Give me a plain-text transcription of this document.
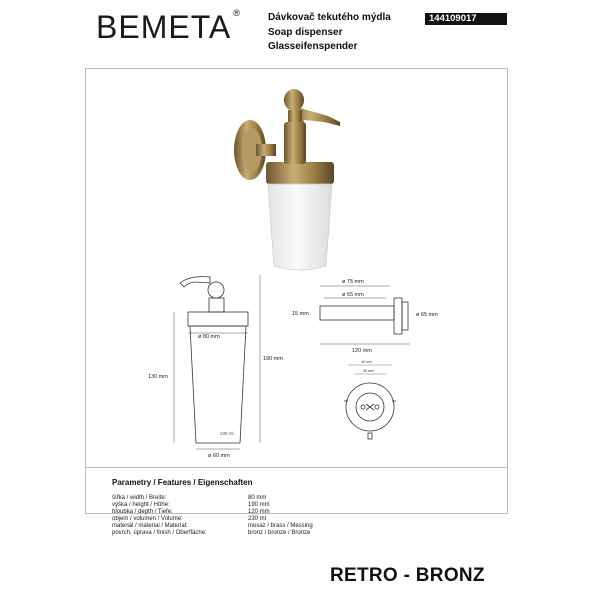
BEMETA ®	Dávkovač tekutého mýdla
Soap dispenser
Glasseifenspender
144109017
ø 80 mm
190 mm
130 mm
230 ml
ø 60 mm
ø 75 mm
ø 65 mm
15 mm	ø 65 mm
120 mm
40 mm
35 mm
Parametry / Features / Eigenschaften
šířka / width / Breite:	80 mm
výška / height / Höhe:	190 mm
hloubka / depth / Tiefe:	120 mm
objem / volumen / Volume:	230 ml
materiál / material / Material:	mosaz / brass / Messing
povrch. úprava / finish / Oberfläche:	bronz / bronze / Bronze
RETRO - BRONZ
